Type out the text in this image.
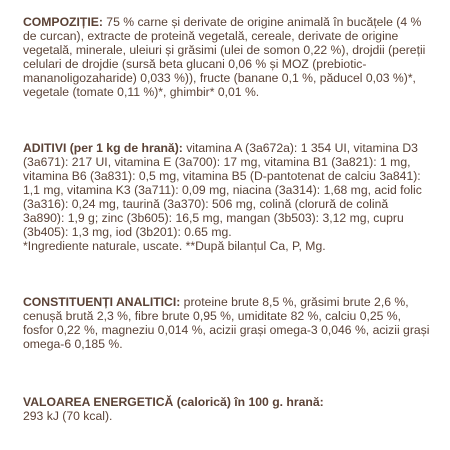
COMPOZIȚIE: 75 % carne și derivate de origine animală în bucățele (4 % de curcan), extracte de proteină vegetală, cereale, derivate de origine vegetală, minerale, uleiuri și grăsimi (ulei de somon 0,22 %), drojdii (pereții celulari de drojdie (sursă beta glucani 0,06 % și MOZ (prebiotic- mananoligozaharide) 0,033 %)), fructe (banane 0,1 %, păducel 0,03 %)*, vegetale (tomate 0,11 %)*, ghimbir* 0,01 %.

ADITIVI (per 1 kg de hrană): vitamina A (3a672a): 1 354 UI, vitamina D3 (3a671): 217 UI, vitamina E (3a700): 17 mg, vitamina B1 (3a821): 1 mg, vitamina B6 (3a831): 0,5 mg, vitamina B5 (D-pantotenat de calciu 3a841): 1,1 mg, vitamina K3 (3a711): 0,09 mg, niacina (3a314): 1,68 mg, acid folic (3a316): 0,24 mg, taurină (3a370): 506 mg, colină (clorură de colină 3a890): 1,9 g; zinc (3b605): 16,5 mg, mangan (3b503): 3,12 mg, cupru (3b405): 1,3 mg, iod (3b201): 0.65 mg.

*Ingrediente naturale, uscate. **După bilanțul Ca, P, Mg.

CONSTITUENȚI ANALITICI: proteine brute 8,5 %, grăsimi brute 2,6 %, cenușă brută 2,3 %, fibre brute 0,95 %, umiditate 82 %, calciu 0,25 %, fosfor 0,22 %, magneziu 0,014 %, acizii grași omega-3 0,046 %, acizii grași omega-6 0,185 %.

VALOAREA ENERGETICĂ (calorică) în 100 g. hrană:

293 kJ (70 kcal).
